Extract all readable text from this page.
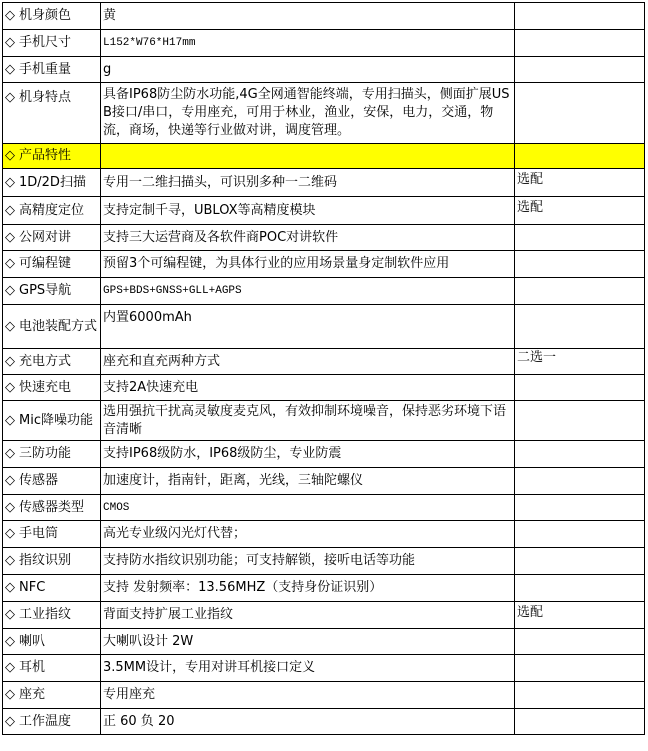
◇ 机身颜色	黄	
◇ 手机尺寸	L152*W76*H17mm	
◇ 手机重量	g	
◇ 机身特点	具备IP68防尘防水功能,4G全网通智能终端，专用扫描头，侧面扩展USB接口/串口，专用座充，可用于林业，渔业，安保，电力，交通，物流，商场，快递等行业做对讲，调度管理。	
◇ 产品特性		
◇ 1D/2D扫描	专用一二维扫描头，可识别多种一二维码	选配
◇ 高精度定位	支持定制千寻，UBLOX等高精度模块	选配
◇ 公网对讲	支持三大运营商及各软件商POC对讲软件	
◇ 可编程键	预留3个可编程键，为具体行业的应用场景量身定制软件应用	
◇ GPS导航	GPS+BDS+GNSS+GLL+AGPS	
◇ 电池装配方式	内置6000mAh	
◇ 充电方式	座充和直充两种方式	二选一
◇ 快速充电	支持2A快速充电	
◇ Mic降噪功能	选用强抗干扰高灵敏度麦克风，有效抑制环境噪音，保持恶劣环境下语音清晰	
◇ 三防功能	支持IP68级防水，IP68级防尘，专业防震	
◇ 传感器	加速度计，指南针，距离，光线，三轴陀螺仪	
◇ 传感器类型	CMOS	
◇ 手电筒	高光专业级闪光灯代替；	
◇ 指纹识别	支持防水指纹识别功能；可支持解锁，接听电话等功能	
◇ NFC	支持 发射频率：13.56MHZ（支持身份证识别）	
◇ 工业指纹	背面支持扩展工业指纹	选配
◇ 喇叭	大喇叭设计 2W	
◇ 耳机	3.5MM设计，专用对讲耳机接口定义	
◇ 座充	专用座充	
◇ 工作温度	正 60 负 20	
